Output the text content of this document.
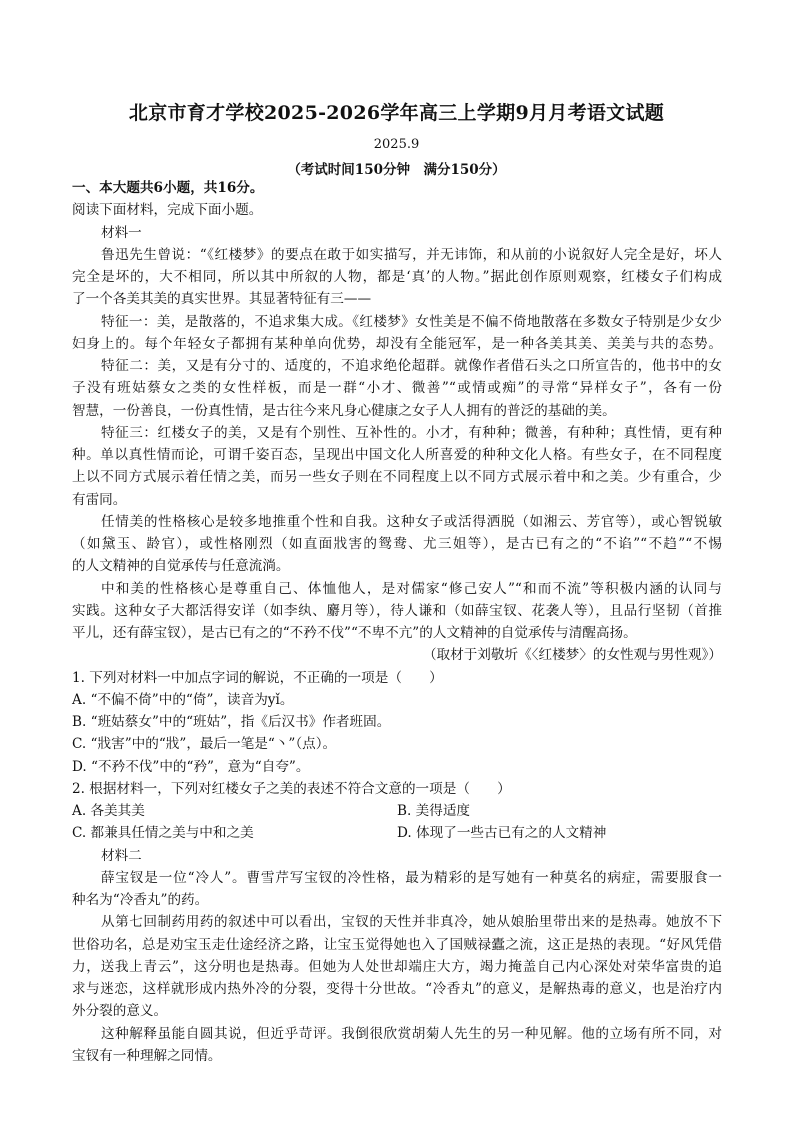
北京市育才学校2025-2026学年高三上学期9月月考语文试题
2025.9
（考试时间150分钟　满分150分）
一、本大题共6小题，共16分。
阅读下面材料，完成下面小题。
材料一
鲁迅先生曾说：“《红楼梦》的要点在敢于如实描写，并无讳饰，和从前的小说叙好人完全是好，坏人
完全是坏的，大不相同，所以其中所叙的人物，都是‘真’的人物。”据此创作原则观察，红楼女子们构成
了一个各美其美的真实世界。其显著特征有三——
特征一：美，是散落的，不追求集大成。《红楼梦》女性美是不偏不倚地散落在多数女子特别是少女少
妇身上的。每个年轻女子都拥有某种单向优势，却没有全能冠军，是一种各美其美、美美与共的态势。
特征二：美，又是有分寸的、适度的，不追求绝伦超群。就像作者借石头之口所宣告的，他书中的女
子没有班姑蔡女之类的女性样板，而是一群“小才、微善”“或情或痴”的寻常“异样女子”，各有一份
智慧，一份善良，一份真性情，是古往今来凡身心健康之女子人人拥有的普泛的基础的美。
特征三：红楼女子的美，又是有个别性、互补性的。小才，有种种；微善，有种种；真性情，更有种
种。单以真性情而论，可谓千姿百态，呈现出中国文化人所喜爱的种种文化人格。有些女子，在不同程度
上以不同方式展示着任情之美，而另一些女子则在不同程度上以不同方式展示着中和之美。少有重合，少
有雷同。
任情美的性格核心是较多地推重个性和自我。这种女子或活得洒脱（如湘云、芳官等），或心智锐敏
（如黛玉、龄官），或性格刚烈（如直面戕害的鸳鸯、尤三姐等），是古已有之的“不谄”“不趋”“不惕
的人文精神的自觉承传与任意流淌。
中和美的性格核心是尊重自己、体恤他人，是对儒家“修己安人”“和而不流”等积极内涵的认同与
实践。这种女子大都活得安详（如李纨、麝月等），待人谦和（如薛宝钗、花袭人等），且品行坚韧（首推
平儿，还有薛宝钗），是古已有之的“不矜不伐”“不卑不亢”的人文精神的自觉承传与清醒高扬。
（取材于刘敬圻《〈红楼梦〉的女性观与男性观》）
1. 下列对材料一中加点字词的解说，不正确的一项是（　　）
A. “不偏不倚”中的“倚”，读音为yǐ。
B. “班姑蔡女”中的“班姑”，指《后汉书》作者班固。
C. “戕害”中的“戕”，最后一笔是“丶”（点）。
D. “不矜不伐”中的“矜”，意为“自夸”。
2. 根据材料一，下列对红楼女子之美的表述不符合文意的一项是（　　）
A. 各美其美	B. 美得适度
C. 都兼具任情之美与中和之美	D. 体现了一些古已有之的人文精神
材料二
薛宝钗是一位“冷人”。曹雪芹写宝钗的冷性格，最为精彩的是写她有一种莫名的病症，需要服食一
种名为“冷香丸”的药。
从第七回制药用药的叙述中可以看出，宝钗的天性并非真冷，她从娘胎里带出来的是热毒。她放不下
世俗功名，总是劝宝玉走仕途经济之路，让宝玉觉得她也入了国贼禄蠹之流，这正是热的表现。“好风凭借
力，送我上青云”，这分明也是热毒。但她为人处世却端庄大方，竭力掩盖自己内心深处对荣华富贵的追
求与迷恋，这样就形成内热外冷的分裂，变得十分世故。“冷香丸”的意义，是解热毒的意义，也是治疗内
外分裂的意义。
这种解释虽能自圆其说，但近乎苛评。我倒很欣赏胡菊人先生的另一种见解。他的立场有所不同，对
宝钗有一种理解之同情。
